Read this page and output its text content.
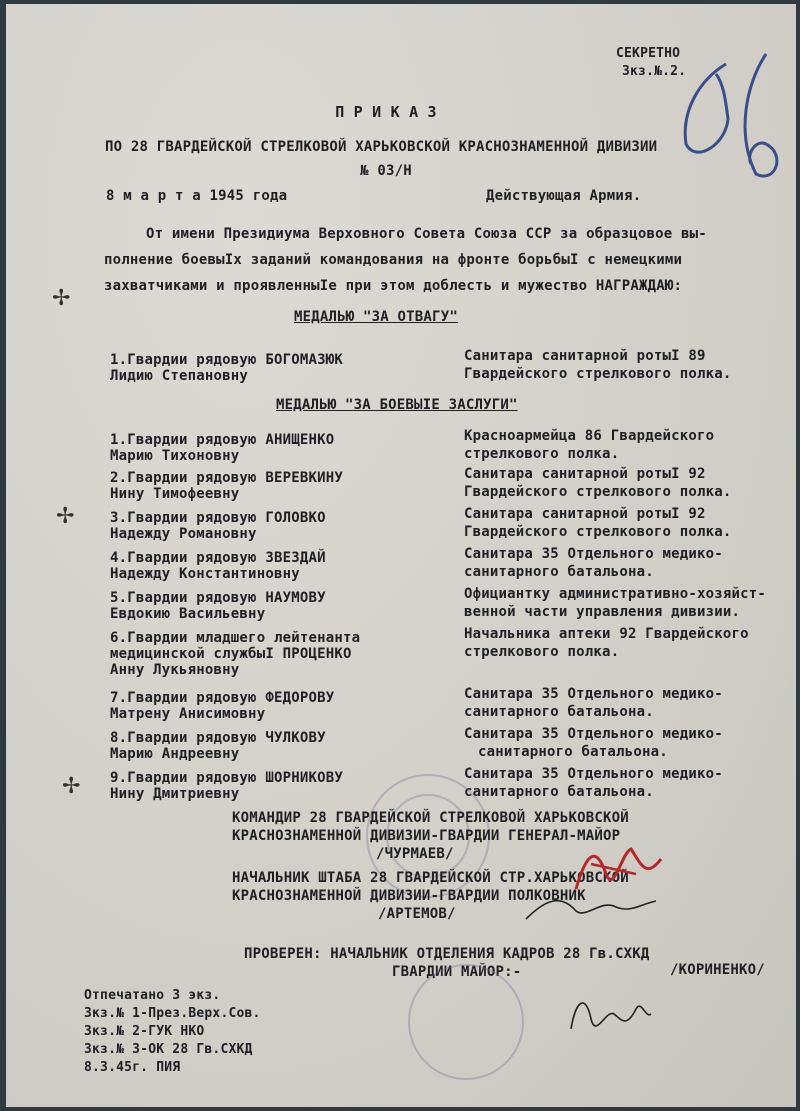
СЕКРЕТНО
3кз.№.2.
П Р И К А З
ПО 28 ГВАРДЕЙСКОЙ СТРЕЛКОВОЙ ХАРЬКОВСКОЙ КРАСНОЗНАМЕННОЙ ДИВИЗИИ
№ 03/Н
8 м а р т а 1945 года	Действующая Армия.
От имени Президиума Верховного Совета Союза ССР за образцовое вы-
полнение боевыIх заданий командования на фронте борьбыI с немецкими
захватчиками и проявленныIе при этом доблесть и мужество НАГРАЖДАЮ:
✢
✢
✢
МЕДАЛЬЮ "ЗА ОТВАГУ"
1.Гвардии рядовую БОГОМАЗЮК
Лидию Степановну
Санитара санитарной ротыI 89
Гвардейского стрелкового полка.
МЕДАЛЬЮ "ЗА БОЕВЫIЕ ЗАСЛУГИ"
1.Гвардии рядовую АНИЩЕНКО
Марию Тихоновну
Красноармейца 86 Гвардейского
стрелкового полка.
2.Гвардии рядовую ВЕРЕВКИНУ
Нину Тимофеевну
Санитара санитарной ротыI 92
Гвардейского стрелкового полка.
3.Гвардии рядовую ГОЛОВКО
Надежду Романовну
Санитара санитарной ротыI 92
Гвардейского стрелкового полка.
4.Гвардии рядовую ЗВЕЗДАЙ
Надежду Константиновну
Санитара 35 Отдельного медико-
санитарного батальона.
5.Гвардии рядовую НАУМОВУ
Евдокию Васильевну
Официантку административно-хозяйст-
венной части управления дивизии.
6.Гвардии младшего лейтенанта
медицинской службыI ПРОЦЕНКО
Анну Лукьяновну
Начальника аптеки 92 Гвардейского
стрелкового полка.
7.Гвардии рядовую ФЕДОРОВУ
Матрену Анисимовну
Санитара 35 Отдельного медико-
санитарного батальона.
8.Гвардии рядовую ЧУЛКОВУ
Марию Андреевну
Санитара 35 Отдельного медико-
санитарного батальона.
9.Гвардии рядовую ШОРНИКОВУ
Нину Дмитриевну
Санитара 35 Отдельного медико-
санитарного батальона.
КОМАНДИР 28 ГВАРДЕЙСКОЙ СТРЕЛКОВОЙ ХАРЬКОВСКОЙ
КРАСНОЗНАМЕННОЙ ДИВИЗИИ-ГВАРДИИ ГЕНЕРАЛ-МАЙОР
/ЧУРМАЕВ/
НАЧАЛЬНИК ШТАБА 28 ГВАРДЕЙСКОЙ СТР.ХАРЬКОВСКОЙ
КРАСНОЗНАМЕННОЙ ДИВИЗИИ-ГВАРДИИ ПОЛКОВНИК
/АРТЕМОВ/
ПРОВЕРЕН: НАЧАЛЬНИК ОТДЕЛЕНИЯ КАДРОВ 28 Гв.СХКД
ГВАРДИИ МАЙОР:-	/КОРИНЕНКО/
Отпечатано 3 экз.
3кз.№ 1-През.Верх.Сов.
3кз.№ 2-ГУК НКО
3кз.№ 3-ОК 28 Гв.СХКД
8.3.45г. ПИЯ
